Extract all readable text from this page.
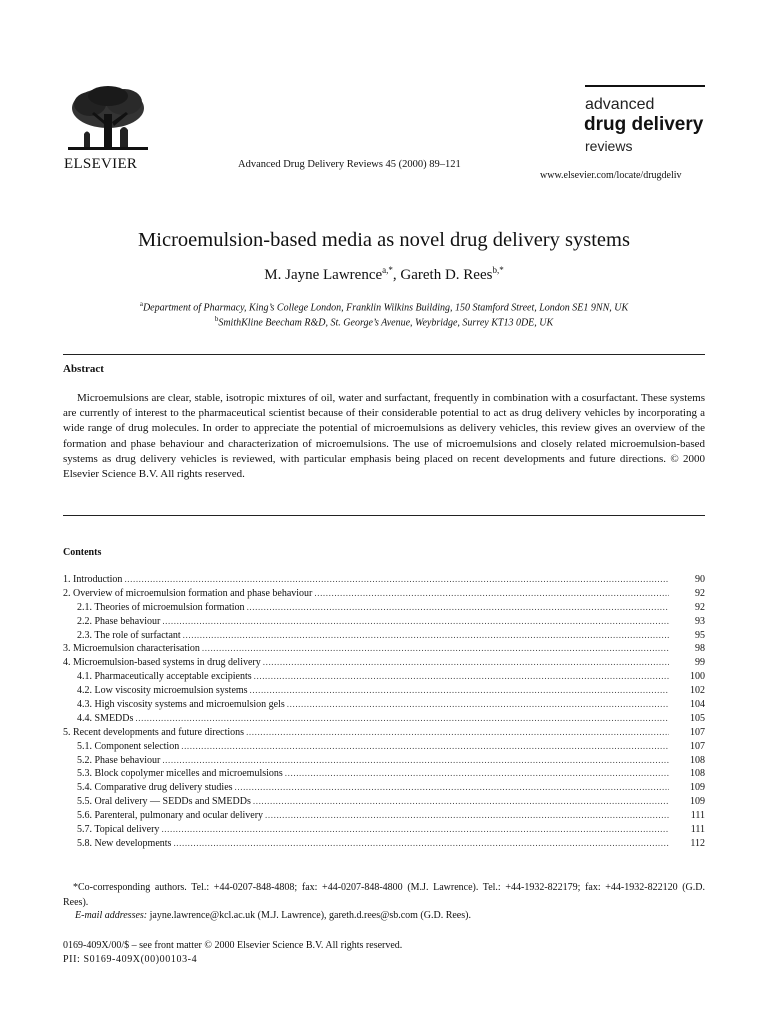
ELSEVIER	Advanced Drug Delivery Reviews 45 (2000) 89–121
advanced
drug delivery
reviews
www.elsevier.com/locate/drugdeliv
Microemulsion-based media as novel drug delivery systems
M. Jayne Lawrence$^{a,*}$, Gareth D. Rees$^{b,*}$
$^a$Department of Pharmacy, King’s College London, Franklin Wilkins Building, 150 Stamford Street, London SE1 9NN, UK
$^b$SmithKline Beecham R&D, St. George’s Avenue, Weybridge, Surrey KT13 0DE, UK
Abstract
Microemulsions are clear, stable, isotropic mixtures of oil, water and surfactant, frequently in combination with a cosurfactant. These systems are currently of interest to the pharmaceutical scientist because of their considerable potential to act as drug delivery vehicles by incorporating a wide range of drug molecules. In order to appreciate the potential of microemulsions as delivery vehicles, this review gives an overview of the formation and phase behaviour and characterization of microemulsions. The use of microemulsions and closely related microemulsion-based systems as drug delivery vehicles is reviewed, with particular emphasis being placed on recent developments and future directions. © 2000 Elsevier Science B.V. All rights reserved.
Contents
1. Introduction .....	90
2. Overview of microemulsion formation and phase behaviour .....	92
2.1. Theories of microemulsion formation .....	92
2.2. Phase behaviour .....	93
2.3. The role of surfactant .....	95
3. Microemulsion characterisation .....	98
4. Microemulsion-based systems in drug delivery .....	99
4.1. Pharmaceutically acceptable excipients .....	100
4.2. Low viscosity microemulsion systems .....	102
4.3. High viscosity systems and microemulsion gels .....	104
4.4. SMEDDs .....	105
5. Recent developments and future directions .....	107
5.1. Component selection .....	107
5.2. Phase behaviour .....	108
5.3. Block copolymer micelles and microemulsions .....	108
5.4. Comparative drug delivery studies .....	109
5.5. Oral delivery — SEDDs and SMEDDs .....	109
5.6. Parenteral, pulmonary and ocular delivery .....	111
5.7. Topical delivery .....	111
5.8. New developments .....	112
*Co-corresponding authors. Tel.: +44-0207-848-4808; fax: +44-0207-848-4800 (M.J. Lawrence). Tel.: +44-1932-822179; fax: +44-1932-822120 (G.D. Rees).
E-mail addresses: jayne.lawrence@kcl.ac.uk (M.J. Lawrence), gareth.d.rees@sb.com (G.D. Rees).
0169-409X/00/$ – see front matter © 2000 Elsevier Science B.V. All rights reserved.
PII: S0169-409X(00)00103-4
